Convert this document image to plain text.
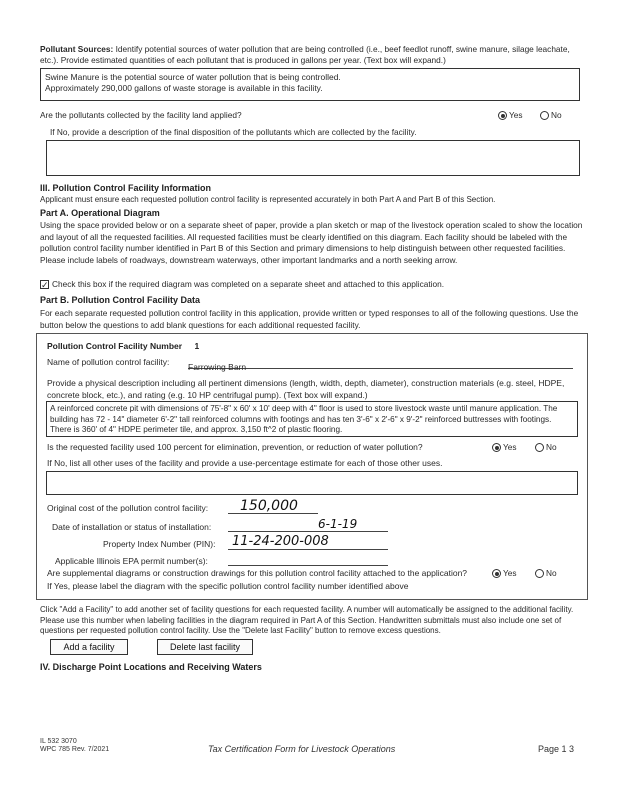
Pollutant Sources: Identify potential sources of water pollution that are being controlled (i.e., beef feedlot runoff, swine manure, silage leachate, etc.). Provide estimated quantities of each pollutant that is produced in gallons per year. (Text box will expand.)
Swine Manure is the potential source of water pollution that is being controlled.
Approximately 290,000 gallons of waste storage is available in this facility.
Are the pollutants collected by the facility land applied?	Yes	No
If No, provide a description of the final disposition of the pollutants which are collected by the facility.
III. Pollution Control Facility Information
Applicant must ensure each requested pollution control facility is represented accurately in both Part A and Part B of this Section.
Part A. Operational Diagram
Using the space provided below or on a separate sheet of paper, provide a plan sketch or map of the livestock operation scaled to show the location and layout of all the requested facilities. All requested facilities must be clearly identified on this diagram. Each facility should be labeled with the pollution control facility number identified in Part B of this Section and primary dimensions to help distinguish between other requested facilities. Please include labels of roadways, downstream waterways, other important landmarks and a north seeking arrow.
✓ Check this box if the required diagram was completed on a separate sheet and attached to this application.
Part B. Pollution Control Facility Data
For each separate requested pollution control facility in this application, provide written or typed responses to all of the following questions. Use the button below the questions to add blank questions for each additional requested facility.
Pollution Control Facility Number 1
Name of pollution control facility: Farrowing Barn
Provide a physical description including all pertinent dimensions (length, width, depth, diameter), construction materials (e.g. steel, HDPE, concrete block, etc.), and rating (e.g. 10 HP centrifugal pump). (Text box will expand.)
A reinforced concrete pit with dimensions of 75'-8" x 60' x 10' deep with 4" floor is used to store livestock waste until manure application. The building has 72 - 14" diameter 6'-2" tall reinforced columns with footings and has ten 3'-6" x 2'-6" x 9'-2" reinforced buttresses with footings. There is 360' of 4" HDPE perimeter tile, and approx. 3,150 ft^2 of plastic flooring.
Is the requested facility used 100 percent for elimination, prevention, or reduction of water pollution?	Yes	No
If No, list all other uses of the facility and provide a use-percentage estimate for each of those other uses.
Original cost of the pollution control facility:	150,000
Date of installation or status of installation:	6-1-19
Property Index Number (PIN):	11-24-200-008
Applicable Illinois EPA permit number(s):
Are supplemental diagrams or construction drawings for this pollution control facility attached to the application?	Yes	No
If Yes, please label the diagram with the specific pollution control facility number identified above
Click "Add a Facility" to add another set of facility questions for each requested facility. A number will automatically be assigned to the additional facility. Please use this number when labeling facilities in the diagram required in Part A of this Section. Handwritten submittals must also include one set of questions per requested pollution control facility. Use the "Delete last Facility" button to remove excess questions.
Add a facility	Delete last facility
IV. Discharge Point Locations and Receiving Waters
IL 532 3070
WPC 785 Rev. 7/2021	Tax Certification Form for Livestock Operations	Page 1 3
